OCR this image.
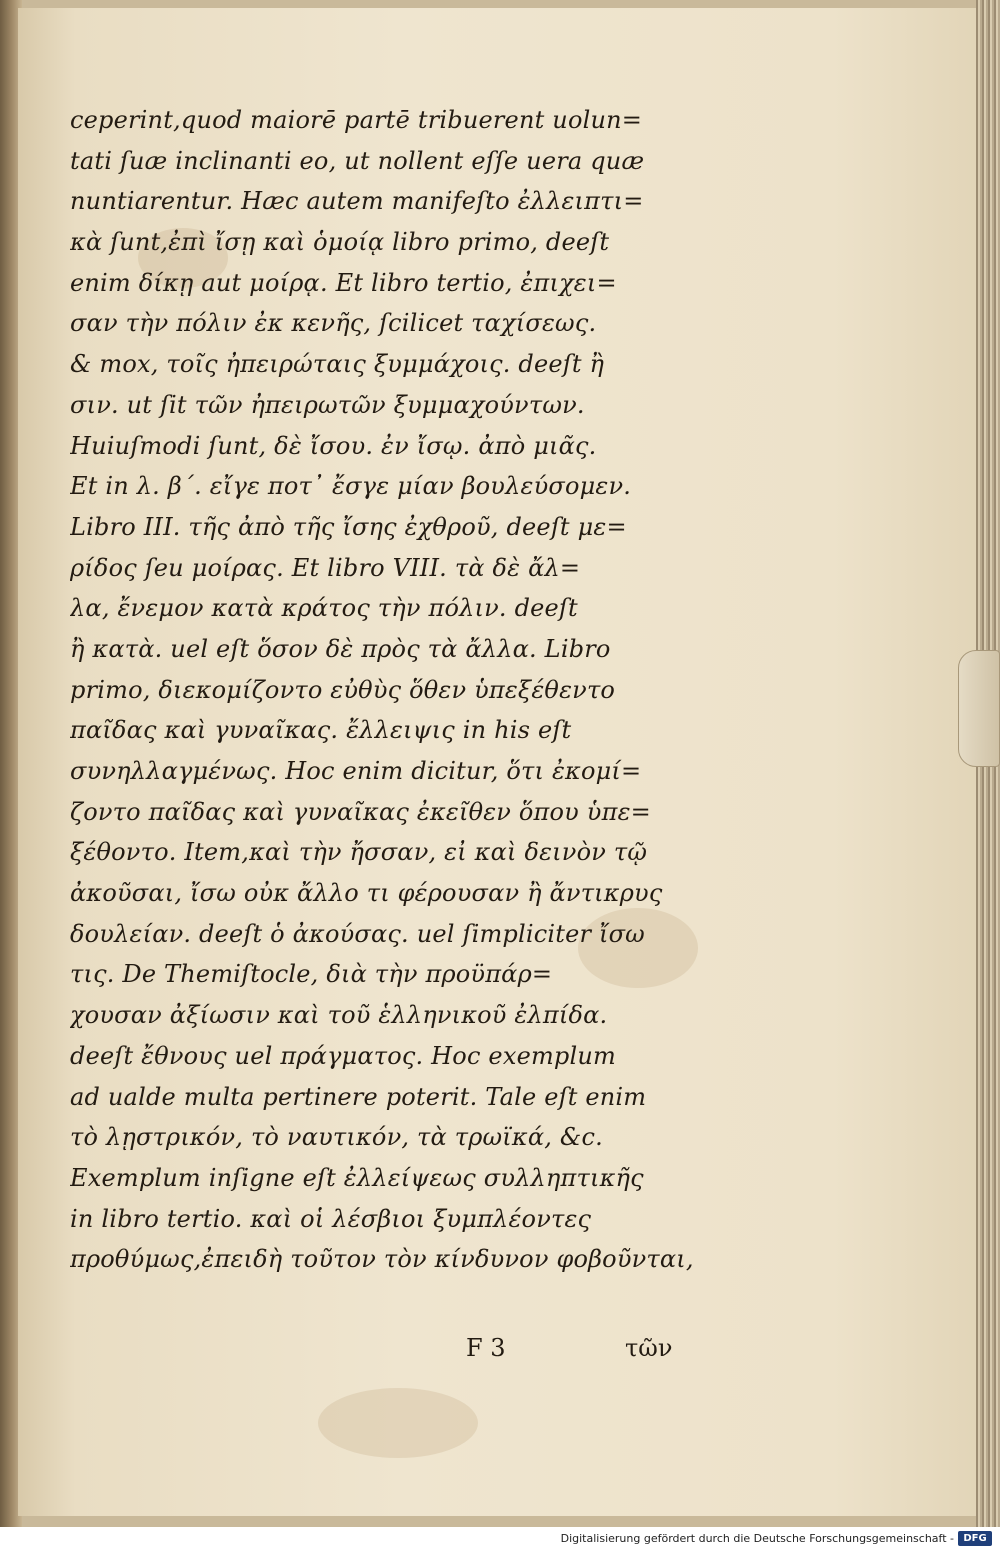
ceperint,quod maiorē partē tribuerent uolun=
tati ſuæ inclinanti eo, ut nollent eſſe uera quæ
nuntiarentur. Hæc autem manifeſto ἐλλειπτι=
κὰ ſunt,ἐπὶ ἴσῃ καὶ ὁμοίᾳ libro primo, deeſt
enim δίκῃ aut μοίρᾳ. Et libro tertio, ἐπιχει=
σαν τὴν πόλιν ἐκ κενῆς, ſcilicet ταχίσεως.
& mox, τοῖς ἠπειρώταις ξυμμάχοις. deeſt ἢ
σιν. ut ſit τῶν ἠπειρωτῶν ξυμμαχούντων.
Huiuſmodi ſunt, δὲ ἴσου. ἐν ἴσῳ. ἀπὸ μιᾶς.
Et in λ. β΄. εἴγε ποτ᾽ ἔσγε μίαν βουλεύσομεν.
Libro III. τῆς ἀπὸ τῆς ἴσης ἐχθροῦ, deeſt με=
ρίδος ſeu μοίρας. Et libro VIII. τὰ δὲ ἄλ=
λα, ἔνεμον κατὰ κράτος τὴν πόλιν. deeſt
ἢ κατὰ. uel eſt ὅσον δὲ πρὸς τὰ ἄλλα. Libro
primo, διεκομίζοντο εὐθὺς ὅθεν ὑπεξέθεντο
παῖδας καὶ γυναῖκας. ἔλλειψις in his eſt
συνηλλαγμένως. Hoc enim dicitur, ὅτι ἐκομί=
ζοντο παῖδας καὶ γυναῖκας ἐκεῖθεν ὅπου ὑπε=
ξέθοντο. Item,καὶ τὴν ἤσσαν, εἰ καὶ δεινὸν τῷ
ἀκοῦσαι, ἴσω οὐκ ἄλλο τι φέρουσαν ἢ ἄντικρυς
δουλείαν. deeſt ὁ ἀκούσας. uel ſimpliciter ἴσω
τις. De Themiſtocle, διὰ τὴν προϋπάρ=
χουσαν ἀξίωσιν καὶ τοῦ ἑλληνικοῦ ἐλπίδα.
deeſt ἔθνους uel πράγματος. Hoc exemplum
ad ualde multa pertinere poterit. Tale eſt enim
τὸ λῃστρικόν, τὸ ναυτικόν, τὰ τρωϊκά, &c.
Exemplum inſigne eſt ἐλλείψεως συλληπτικῆς
in libro tertio. καὶ οἱ λέσβιοι ξυμπλέοντες
προθύμως,ἐπειδὴ τοῦτον τὸν κίνδυνον φοβοῦνται,
F 3	τῶν
Digitalisierung gefördert durch die Deutsche Forschungsgemeinschaft - DFG
